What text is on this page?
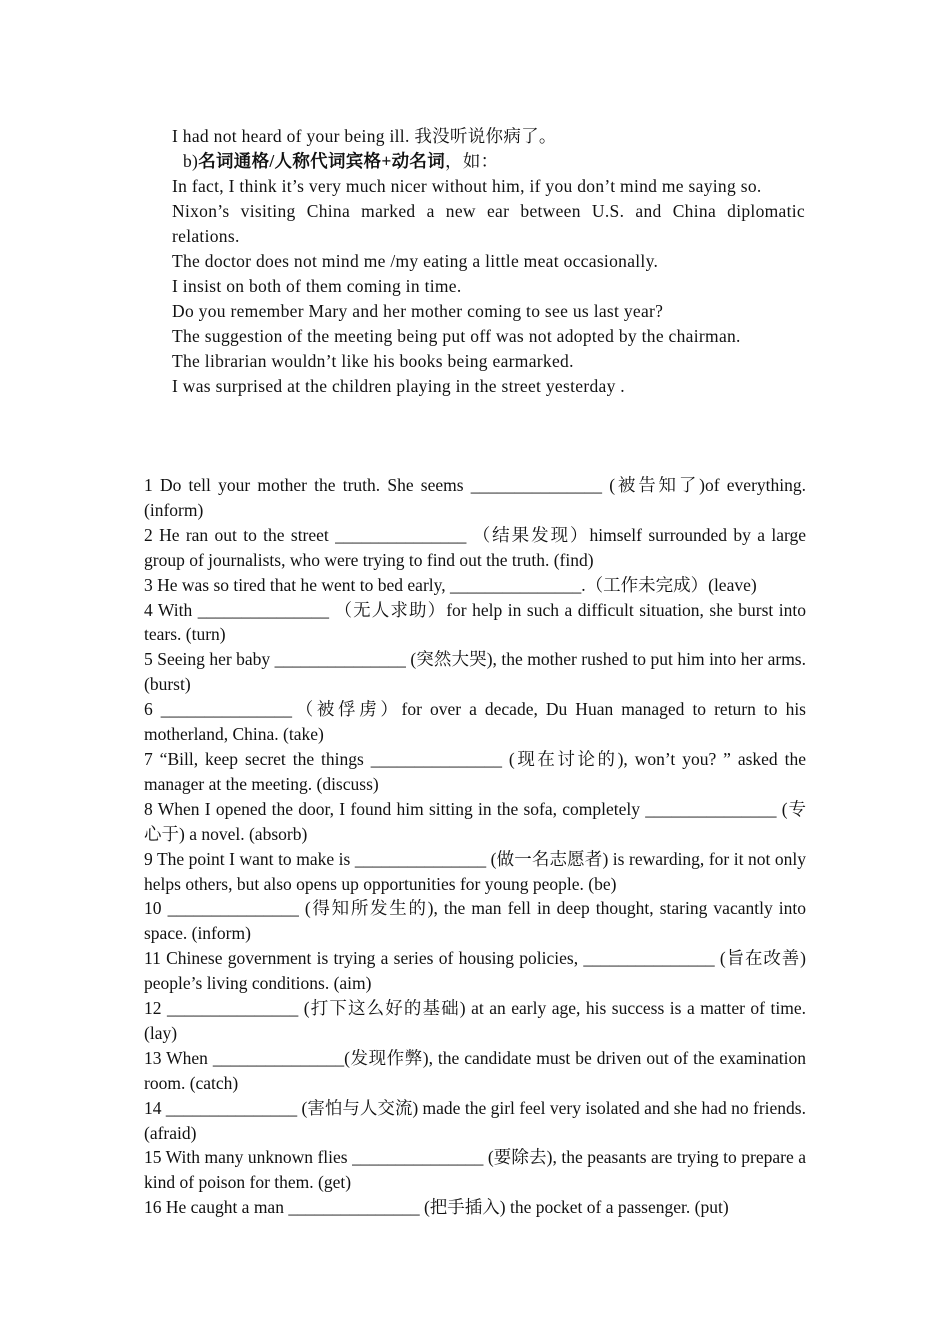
I had not heard of your being ill. 我没听说你病了。

b)名词通格/人称代词宾格+动名词，如：

In fact, I think it’s very much nicer without him, if you don’t mind me saying so.

Nixon’s visiting China marked a new ear between U.S. and China diplomatic relations.

The doctor does not mind me /my eating a little meat occasionally.

I insist on both of them coming in time.

Do you remember Mary and her mother coming to see us last year?

The suggestion of the meeting being put off was not adopted by the chairman.

The librarian wouldn’t like his books being earmarked.

I was surprised at the children playing in the street yesterday .

1 Do tell your mother the truth. She seems _______________ (被告知了)of everything. (inform)

2 He ran out to the street _______________ （结果发现）himself surrounded by a large group of journalists, who were trying to find out the truth. (find)

3 He was so tired that he went to bed early, _______________.（工作未完成）(leave)

4 With _______________ （无人求助）for help in such a difficult situation, she burst into tears. (turn)

5 Seeing her baby _______________ (突然大哭), the mother rushed to put him into her arms. (burst)

6 _______________（被俘虏）for over a decade, Du Huan managed to return to his motherland, China. (take)

7 “Bill, keep secret the things _______________ (现在讨论的), won’t you? ” asked the manager at the meeting. (discuss)

8 When I opened the door, I found him sitting in the sofa, completely _______________ (专心于) a novel. (absorb)

9 The point I want to make is _______________ (做一名志愿者) is rewarding, for it not only helps others, but also opens up opportunities for young people. (be)

10 _______________ (得知所发生的), the man fell in deep thought, staring vacantly into space. (inform)

11 Chinese government is trying a series of housing policies, _______________ (旨在改善) people’s living conditions. (aim)

12 _______________ (打下这么好的基础) at an early age, his success is a matter of time. (lay)

13 When _______________(发现作弊), the candidate must be driven out of the examination room. (catch)

14 _______________ (害怕与人交流) made the girl feel very isolated and she had no friends. (afraid)

15 With many unknown flies _______________ (要除去), the peasants are trying to prepare a kind of poison for them. (get)

16 He caught a man _______________ (把手插入) the pocket of a passenger. (put)
